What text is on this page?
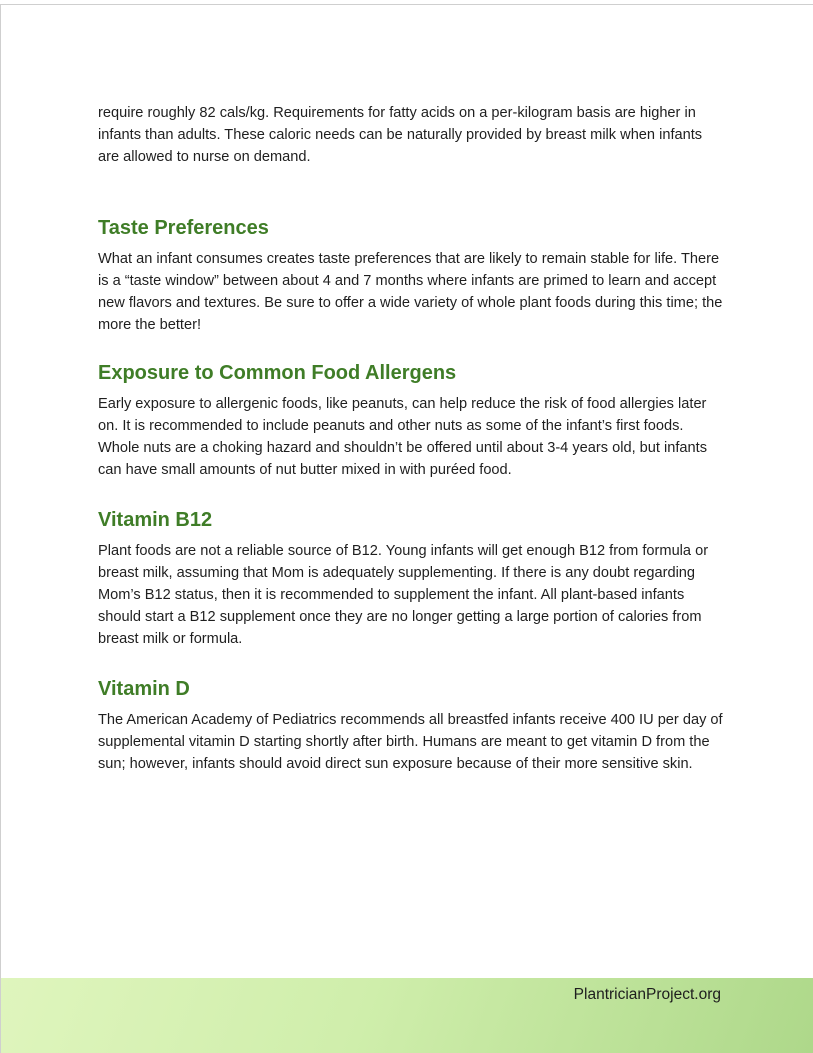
require roughly 82 cals/kg. Requirements for fatty acids on a per-kilogram basis are higher in infants than adults. These caloric needs can be naturally provided by breast milk when infants are allowed to nurse on demand.

Taste Preferences

What an infant consumes creates taste preferences that are likely to remain stable for life. There is a “taste window” between about 4 and 7 months where infants are primed to learn and accept new flavors and textures. Be sure to offer a wide variety of whole plant foods during this time; the more the better!

Exposure to Common Food Allergens

Early exposure to allergenic foods, like peanuts, can help reduce the risk of food allergies later on. It is recommended to include peanuts and other nuts as some of the infant’s first foods. Whole nuts are a choking hazard and shouldn’t be offered until about 3-4 years old, but infants can have small amounts of nut butter mixed in with puréed food.

Vitamin B12

Plant foods are not a reliable source of B12. Young infants will get enough B12 from formula or breast milk, assuming that Mom is adequately supplementing. If there is any doubt regarding Mom’s B12 status, then it is recommended to supplement the infant. All plant-based infants should start a B12 supplement once they are no longer getting a large portion of calories from breast milk or formula.

Vitamin D

The American Academy of Pediatrics recommends all breastfed infants receive 400 IU per day of supplemental vitamin D starting shortly after birth. Humans are meant to get vitamin D from the sun; however, infants should avoid direct sun exposure because of their more sensitive skin.

PlantricianProject.org
